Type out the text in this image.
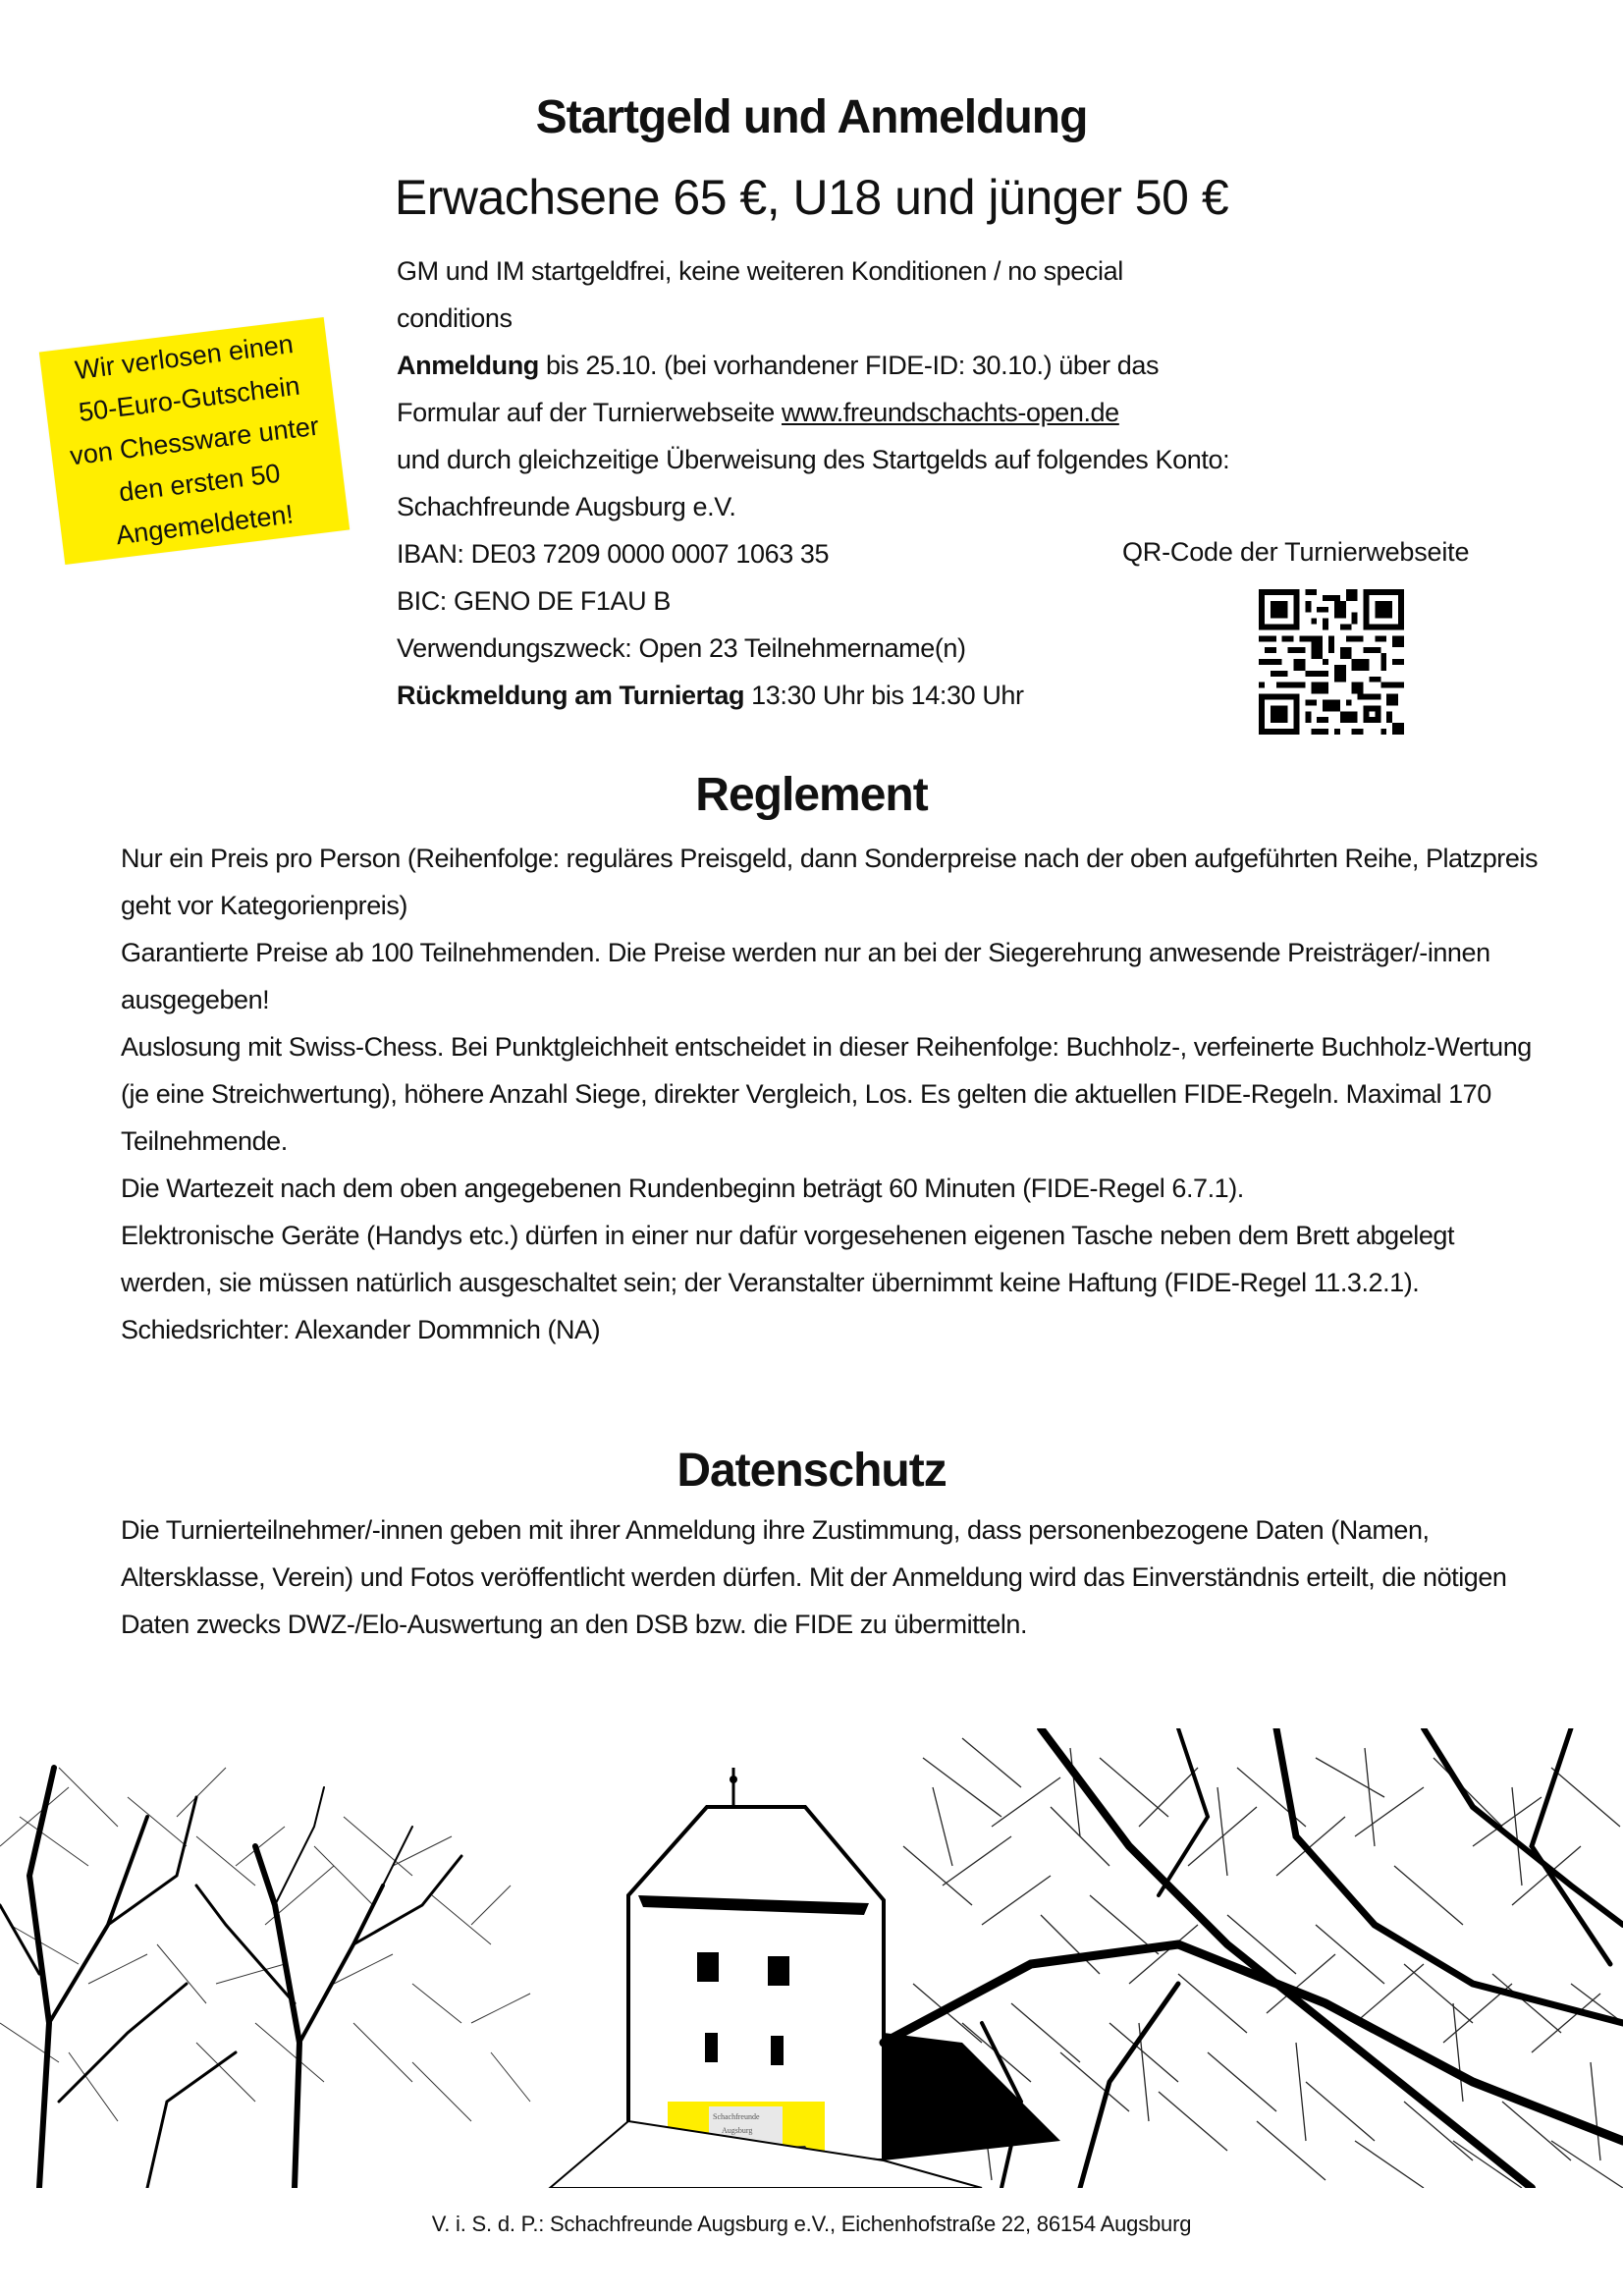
Startgeld und Anmeldung
Erwachsene 65 €, U18 und jünger 50 €
Wir verlosen einen
50-Euro-Gutschein
von Chessware unter
den ersten 50
Angemeldeten!
GM und IM startgeldfrei, keine weiteren Konditionen / no special
conditions
Anmeldung bis 25.10. (bei vorhandener FIDE-ID: 30.10.) über das
Formular auf der Turnierwebseite www.freundschachts-open.de
und durch gleichzeitige Überweisung des Startgelds auf folgendes Konto:
Schachfreunde Augsburg e.V.
IBAN: DE03 7209 0000 0007 1063 35
BIC: GENO DE F1AU B
Verwendungszweck: Open 23 Teilnehmername(n)
Rückmeldung am Turniertag 13:30 Uhr bis 14:30 Uhr
QR-Code der Turnierwebseite
Reglement

Nur ein Preis pro Person (Reihenfolge: reguläres Preisgeld, dann Sonderpreise nach der oben aufgeführten Reihe, Platzpreis geht vor Kategorienpreis)

Garantierte Preise ab 100 Teilnehmenden. Die Preise werden nur an bei der Siegerehrung anwesende Preisträger/-innen ausgegeben!

Auslosung mit Swiss-Chess. Bei Punktgleichheit entscheidet in dieser Reihenfolge: Buchholz-, verfeinerte Buchholz-Wertung (je eine Streichwertung), höhere Anzahl Siege, direkter Vergleich, Los. Es gelten die aktuellen FIDE-Regeln. Maximal 170 Teilnehmende.

Die Wartezeit nach dem oben angegebenen Rundenbeginn beträgt 60 Minuten (FIDE-Regel 6.7.1).

Elektronische Geräte (Handys etc.) dürfen in einer nur dafür vorgesehenen eigenen Tasche neben dem Brett abgelegt werden, sie müssen natürlich ausgeschaltet sein; der Veranstalter übernimmt keine Haftung (FIDE-Regel 11.3.2.1).

Schiedsrichter: Alexander Dommnich (NA)

Datenschutz

Die Turnierteilnehmer/-innen geben mit ihrer Anmeldung ihre Zustimmung, dass personenbezogene Daten (Namen, Altersklasse, Verein) und Fotos veröffentlicht werden dürfen. Mit der Anmeldung wird das Einverständnis erteilt, die nötigen Daten zwecks DWZ-/Elo-Auswertung an den DSB bzw. die FIDE zu übermitteln.

Schachfreunde
Augsburg
V. i. S. d. P.: Schachfreunde Augsburg e.V., Eichenhofstraße 22, 86154 Augsburg
